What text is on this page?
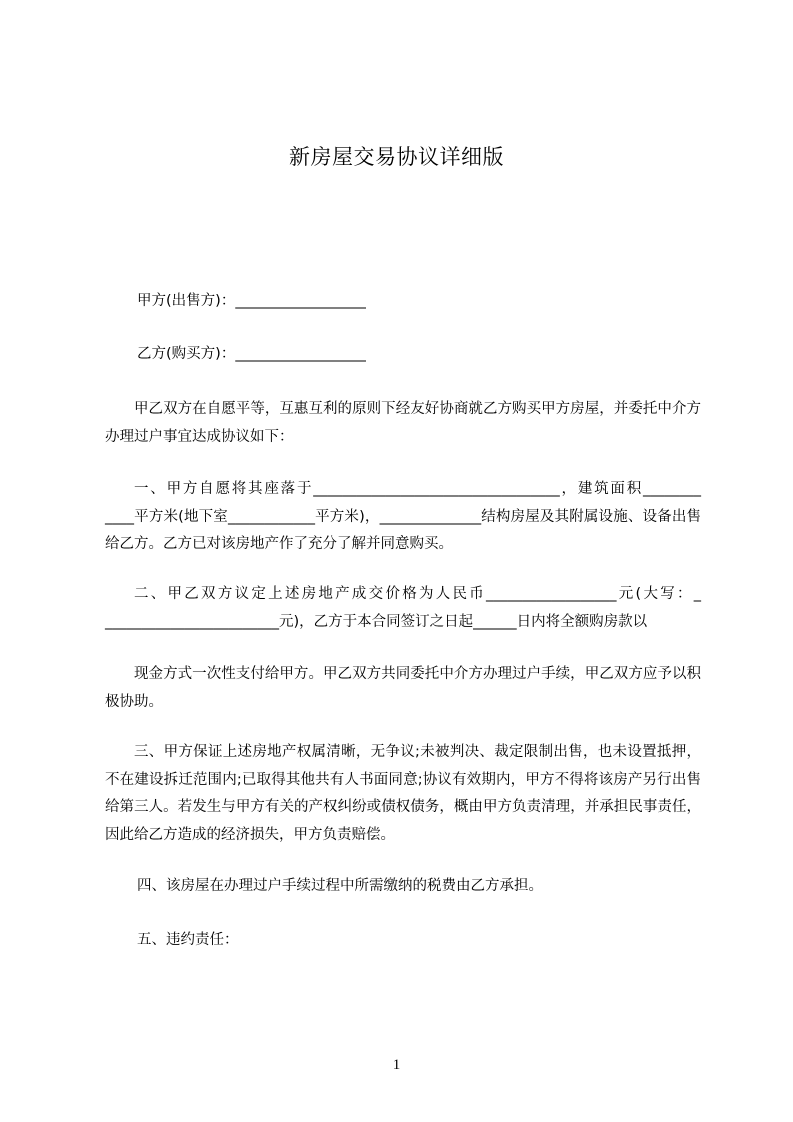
新房屋交易协议详细版
甲方(出售方)：__________________
乙方(购买方)：__________________
甲乙双方在自愿平等，互惠互利的原则下经友好协商就乙方购买甲方房屋，并委托中介方办理过户事宜达成协议如下：
一、甲方自愿将其座落于__________________________________，建筑面积________ ____平方米(地下室____________平方米)，______________结构房屋及其附属设施、设备出售给乙方。乙方已对该房地产作了充分了解并同意购买。
二、甲乙双方议定上述房地产成交价格为人民币__________________元(大写：_ ________________________元)，乙方于本合同签订之日起______日内将全额购房款以
现金方式一次性支付给甲方。甲乙双方共同委托中介方办理过户手续，甲乙双方应予以积极协助。
三、甲方保证上述房地产权属清晰，无争议;未被判决、裁定限制出售，也未设置抵押，不在建设拆迁范围内;已取得其他共有人书面同意;协议有效期内，甲方不得将该房产另行出售给第三人。若发生与甲方有关的产权纠纷或债权债务，概由甲方负责清理，并承担民事责任，因此给乙方造成的经济损失，甲方负责赔偿。
四、该房屋在办理过户手续过程中所需缴纳的税费由乙方承担。
五、违约责任：
1
